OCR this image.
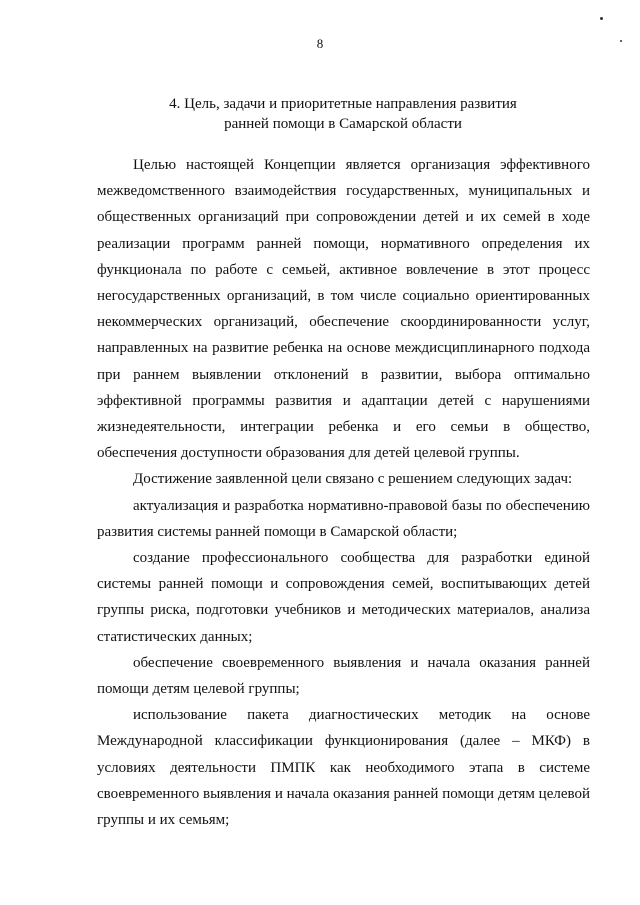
8
4. Цель, задачи и приоритетные направления развития
ранней помощи в Самарской области

Целью настоящей Концепции является организация эффективного межведомственного взаимодействия государственных, муниципальных и общественных организаций при сопровождении детей и их семей в ходе реализации программ ранней помощи, нормативного определения их функционала по работе с семьей, активное вовлечение в этот процесс негосударственных организаций, в том числе социально ориентированных некоммерческих организаций, обеспечение скоординированности услуг, направленных на развитие ребенка на основе междисциплинарного подхода при раннем выявлении отклонений в развитии, выбора оптимально эффективной программы развития и адаптации детей с нарушениями жизнедеятельности, интеграции ребенка и его семьи в общество, обеспечения доступности образования для детей целевой группы.

Достижение заявленной цели связано с решением следующих задач:

актуализация и разработка нормативно-правовой базы по обеспечению развития системы ранней помощи в Самарской области;

создание профессионального сообщества для разработки единой системы ранней помощи и сопровождения семей, воспитывающих детей группы риска, подготовки учебников и методических материалов, анализа статистических данных;

обеспечение своевременного выявления и начала оказания ранней помощи детям целевой группы;

использование пакета диагностических методик на основе Международной классификации функционирования (далее – МКФ) в условиях деятельности ПМПК как необходимого этапа в системе своевременного выявления и начала оказания ранней помощи детям целевой группы и их семьям;
